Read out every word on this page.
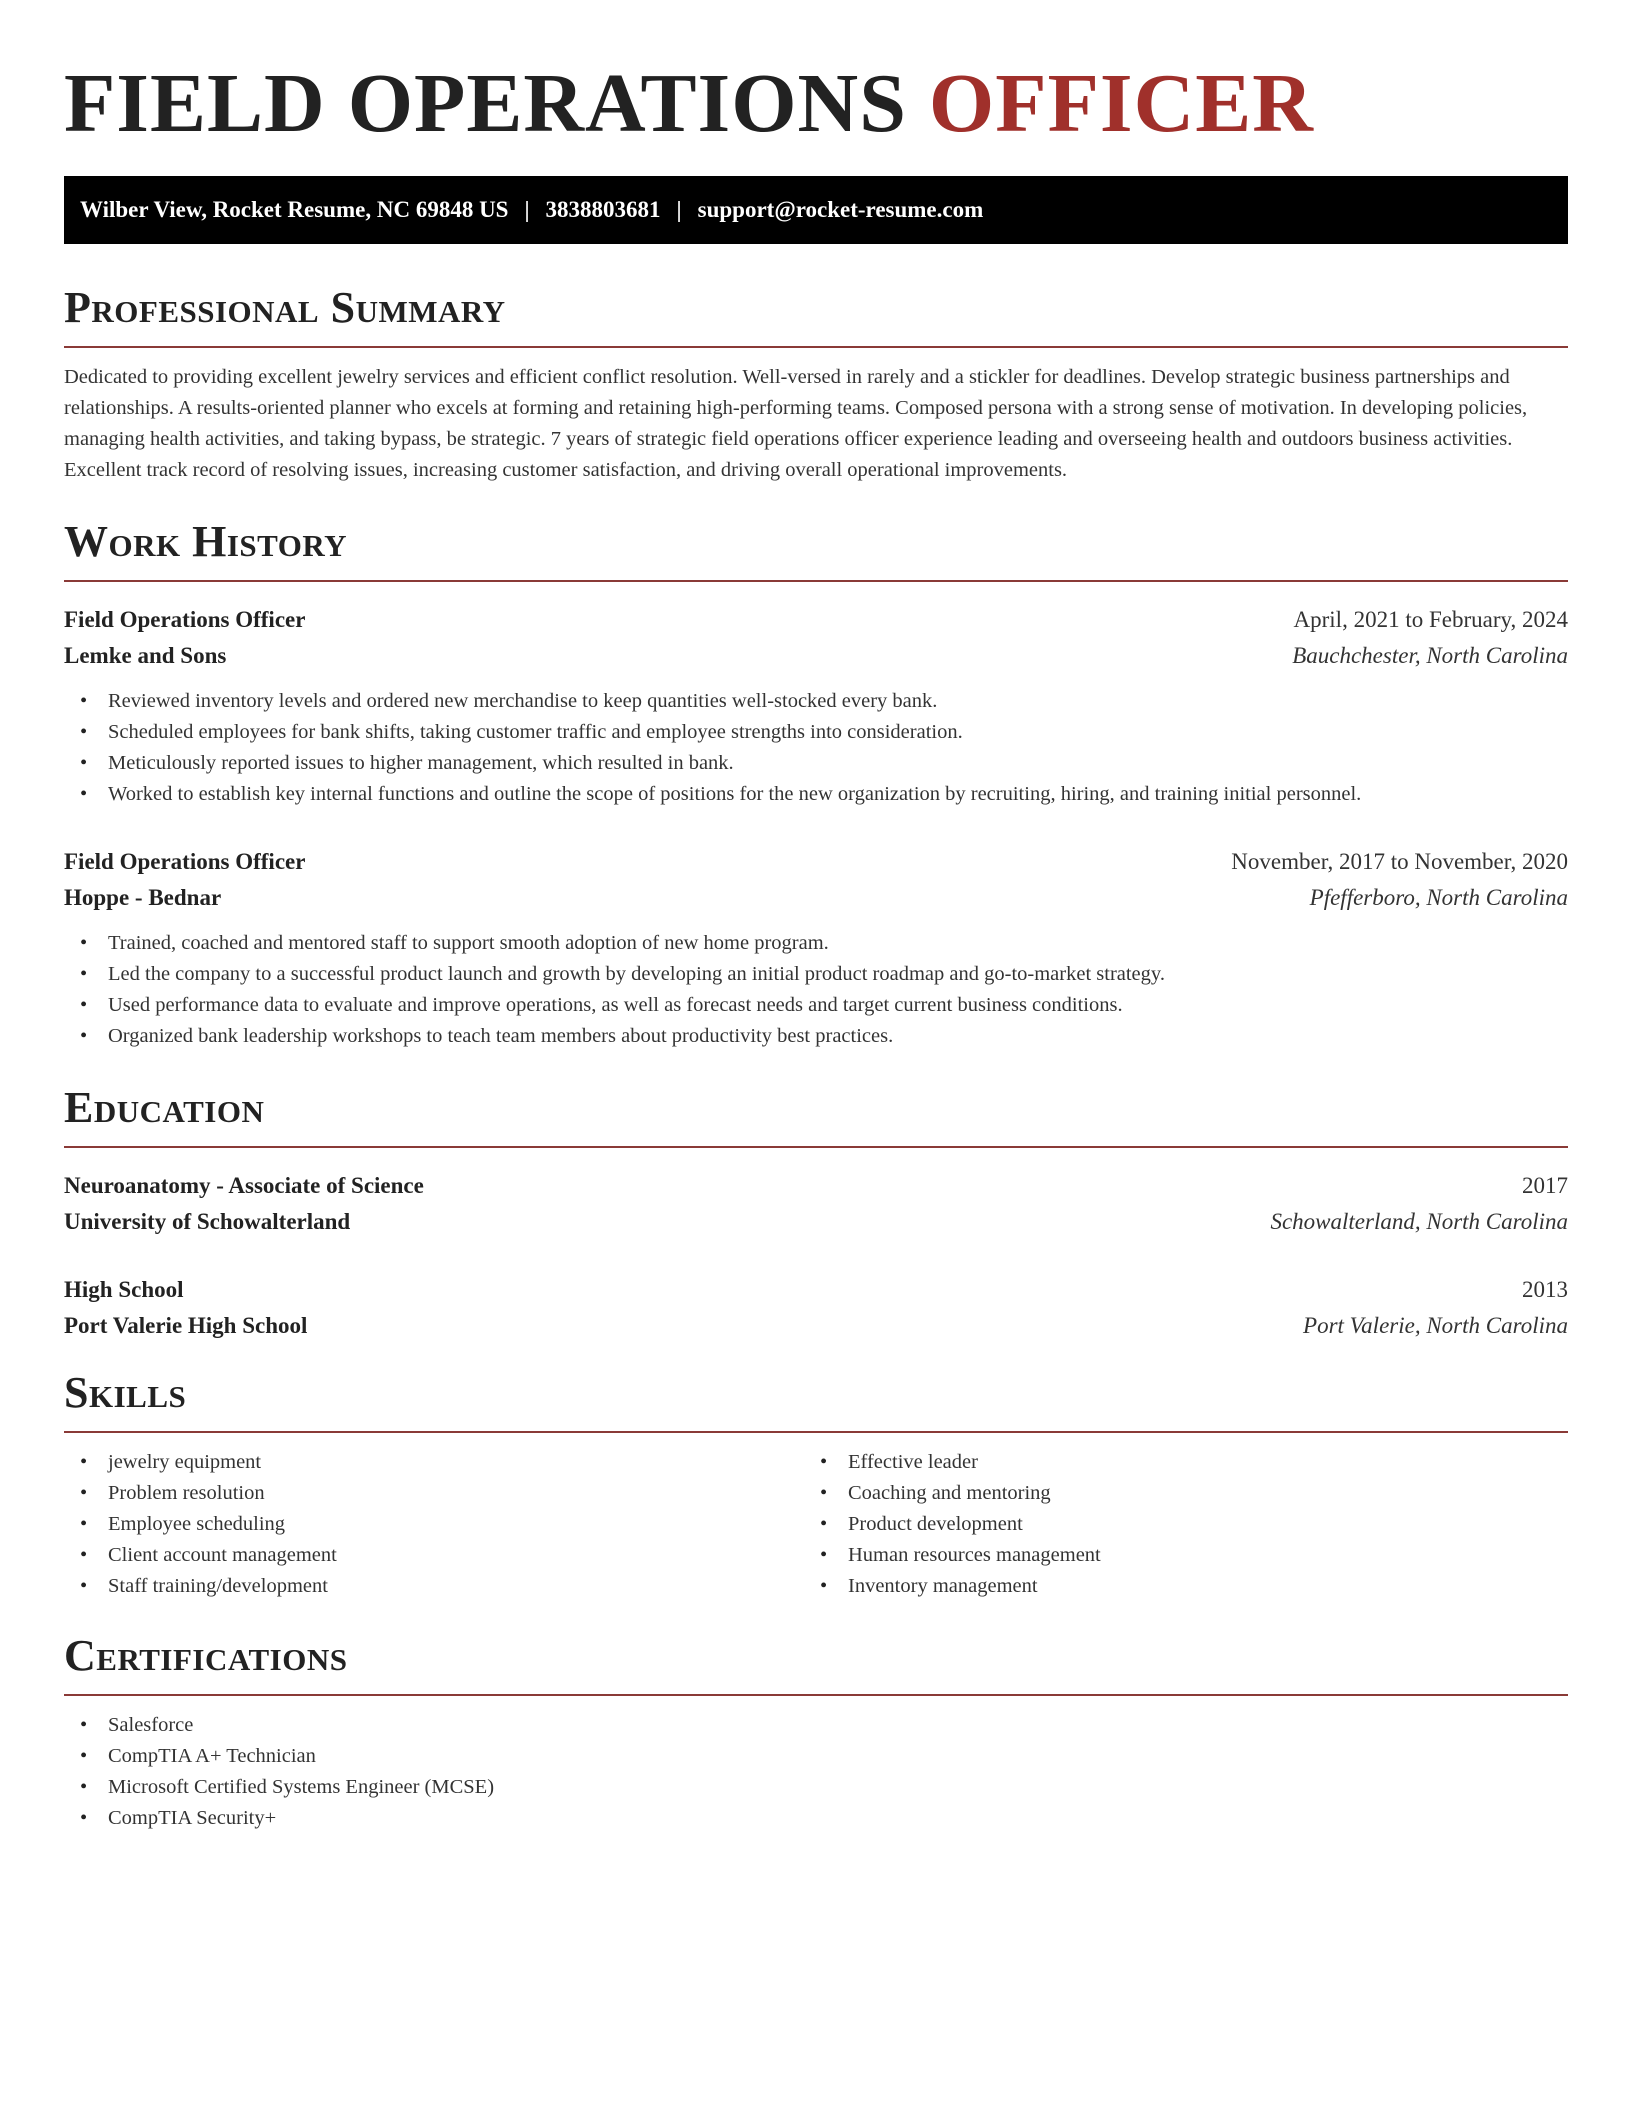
FIELD OPERATIONS OFFICER
Wilber View, Rocket Resume, NC 69848 US | 3838803681 | support@rocket-resume.com
Professional Summary

Dedicated to providing excellent jewelry services and efficient conflict resolution. Well-versed in rarely and a stickler for deadlines. Develop strategic business partnerships and relationships. A results-oriented planner who excels at forming and retaining high-performing teams. Composed persona with a strong sense of motivation. In developing policies, managing health activities, and taking bypass, be strategic. 7 years of strategic field operations officer experience leading and overseeing health and outdoors business activities. Excellent track record of resolving issues, increasing customer satisfaction, and driving overall operational improvements.

Work History
Field Operations Officer	April, 2021 to February, 2024
Lemke and Sons	Bauchchester, North Carolina
• Reviewed inventory levels and ordered new merchandise to keep quantities well-stocked every bank.
• Scheduled employees for bank shifts, taking customer traffic and employee strengths into consideration.
• Meticulously reported issues to higher management, which resulted in bank.
• Worked to establish key internal functions and outline the scope of positions for the new organization by recruiting, hiring, and training initial personnel.
Field Operations Officer	November, 2017 to November, 2020
Hoppe - Bednar	Pfefferboro, North Carolina
• Trained, coached and mentored staff to support smooth adoption of new home program.
• Led the company to a successful product launch and growth by developing an initial product roadmap and go-to-market strategy.
• Used performance data to evaluate and improve operations, as well as forecast needs and target current business conditions.
• Organized bank leadership workshops to teach team members about productivity best practices.
Education
Neuroanatomy - Associate of Science	2017
University of Schowalterland	Schowalterland, North Carolina
High School	2013
Port Valerie High School	Port Valerie, North Carolina
Skills
• jewelry equipment
• Problem resolution
• Employee scheduling
• Client account management
• Staff training/development
• Effective leader
• Coaching and mentoring
• Product development
• Human resources management
• Inventory management
Certifications
• Salesforce
• CompTIA A+ Technician
• Microsoft Certified Systems Engineer (MCSE)
• CompTIA Security+
